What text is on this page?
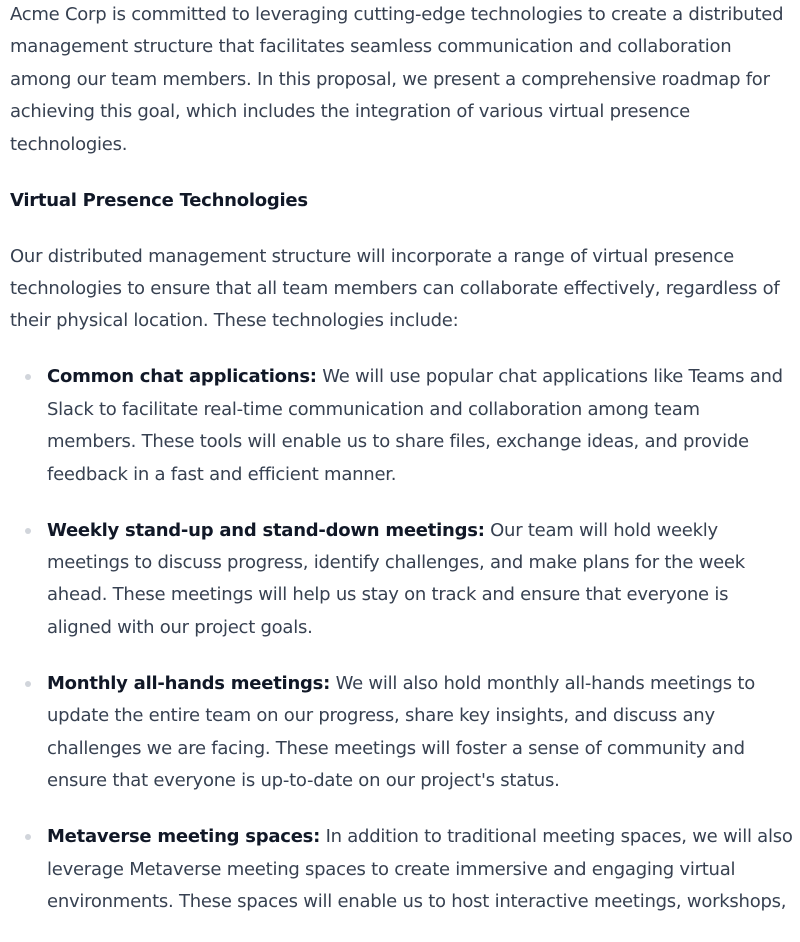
Acme Corp is committed to leveraging cutting-edge technologies to create a distributed management structure that facilitates seamless communication and collaboration among our team members. In this proposal, we present a comprehensive roadmap for achieving this goal, which includes the integration of various virtual presence technologies.

Virtual Presence Technologies

Our distributed management structure will incorporate a range of virtual presence technologies to ensure that all team members can collaborate effectively, regardless of their physical location. These technologies include:

Common chat applications: We will use popular chat applications like Teams and Slack to facilitate real-time communication and collaboration among team members. These tools will enable us to share files, exchange ideas, and provide feedback in a fast and efficient manner.
Weekly stand-up and stand-down meetings: Our team will hold weekly meetings to discuss progress, identify challenges, and make plans for the week ahead. These meetings will help us stay on track and ensure that everyone is aligned with our project goals.
Monthly all-hands meetings: We will also hold monthly all-hands meetings to update the entire team on our progress, share key insights, and discuss any challenges we are facing. These meetings will foster a sense of community and ensure that everyone is up-to-date on our project's status.
Metaverse meeting spaces: In addition to traditional meeting spaces, we will also leverage Metaverse meeting spaces to create immersive and engaging virtual environments. These spaces will enable us to host interactive meetings, workshops,
